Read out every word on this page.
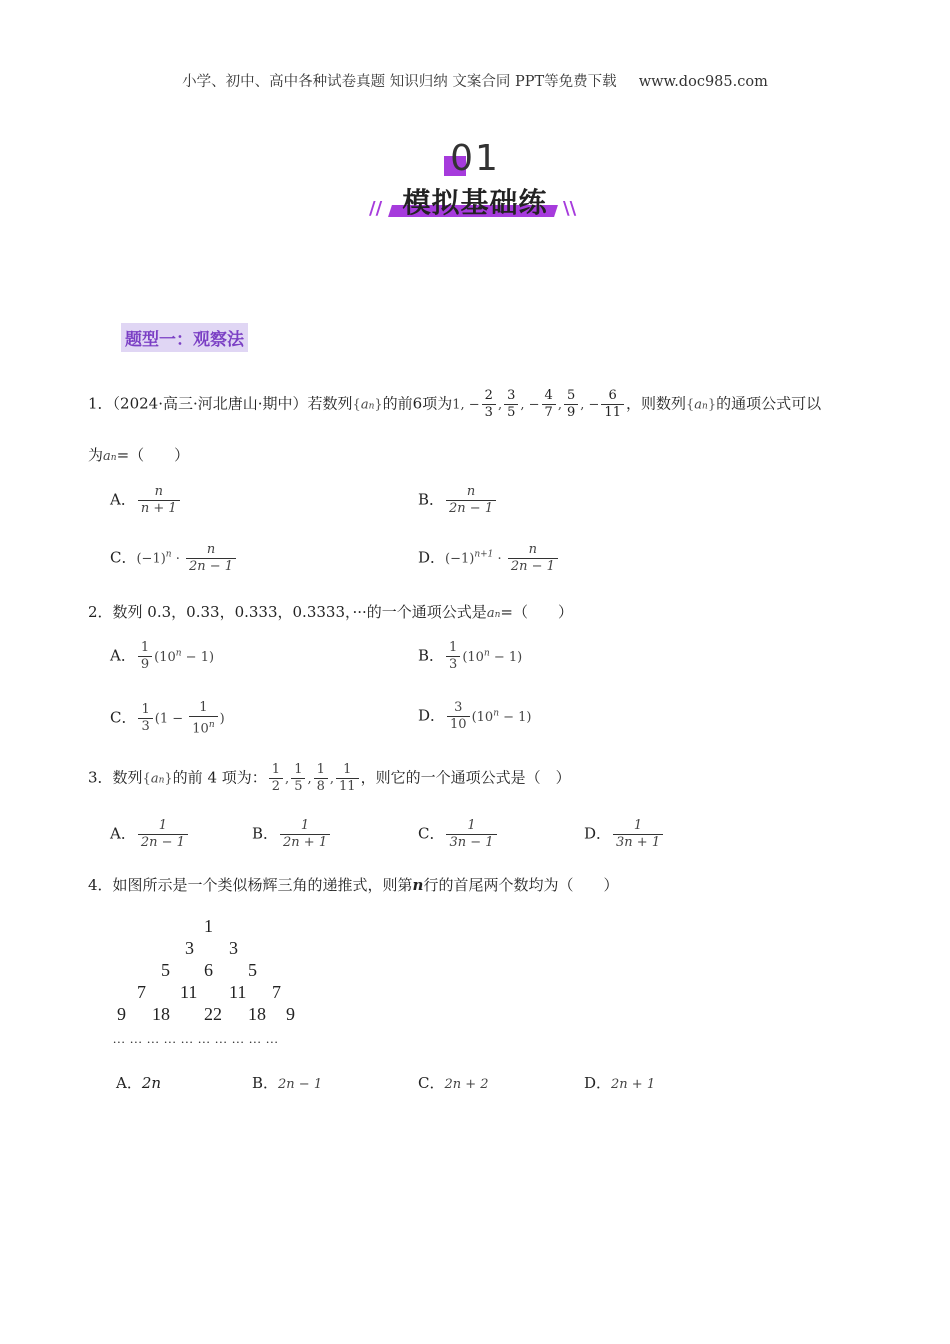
小学、初中、高中各种试卷真题 知识归纳 文案合同 PPT等免费下载 www.doc985.com
01
模拟基础练
//	\\
题型一：观察法
1．（2024·高三·河北唐山·期中）若数列{an}的前6项为1, − $\frac{2}{3}$ , $\frac{3}{5}$ , − $\frac{4}{7}$ , $\frac{5}{9}$ , − $\frac{6}{11}$ ，则数列{an}的通项公式可以
为an=（　　）
A． $\frac{n}{n + 1}$	B． $\frac{n}{2n - 1}$
C．$(-1)^n \cdot \frac{n}{2n - 1}$	D．$(-1)^{n+1} \cdot \frac{n}{2n - 1}$
2．数列 0.3，0.33，0.333，0.3333，···的一个通项公式是an=（　　）
A． $\frac{1}{9} (10^n - 1)$	B． $\frac{1}{3} (10^n - 1)$
C． $\frac{1}{3} (1 - \frac{1}{10^n}$ )	D． $\frac{3}{10} (10^n - 1)$
3．数列{an}的前 4 项为： $\frac{1}{2}$ , $\frac{1}{5}$ , $\frac{1}{8}$ , $\frac{1}{11}$ ，则它的一个通项公式是（　）
A． $\frac{1}{2n - 1}$	B． $\frac{1}{2n + 1}$	C． $\frac{1}{3n - 1}$	D． $\frac{1}{3n + 1}$
4．如图所示是一个类似杨辉三角的递推式，则第n行的首尾两个数均为（　　）
1
3 3
5 6 5
7 11 11 7
9 18 22 18 9
... ... ... ... ... ... ... ... ... ...
A．2n	B．2n − 1	C．2n + 2	D．2n + 1
